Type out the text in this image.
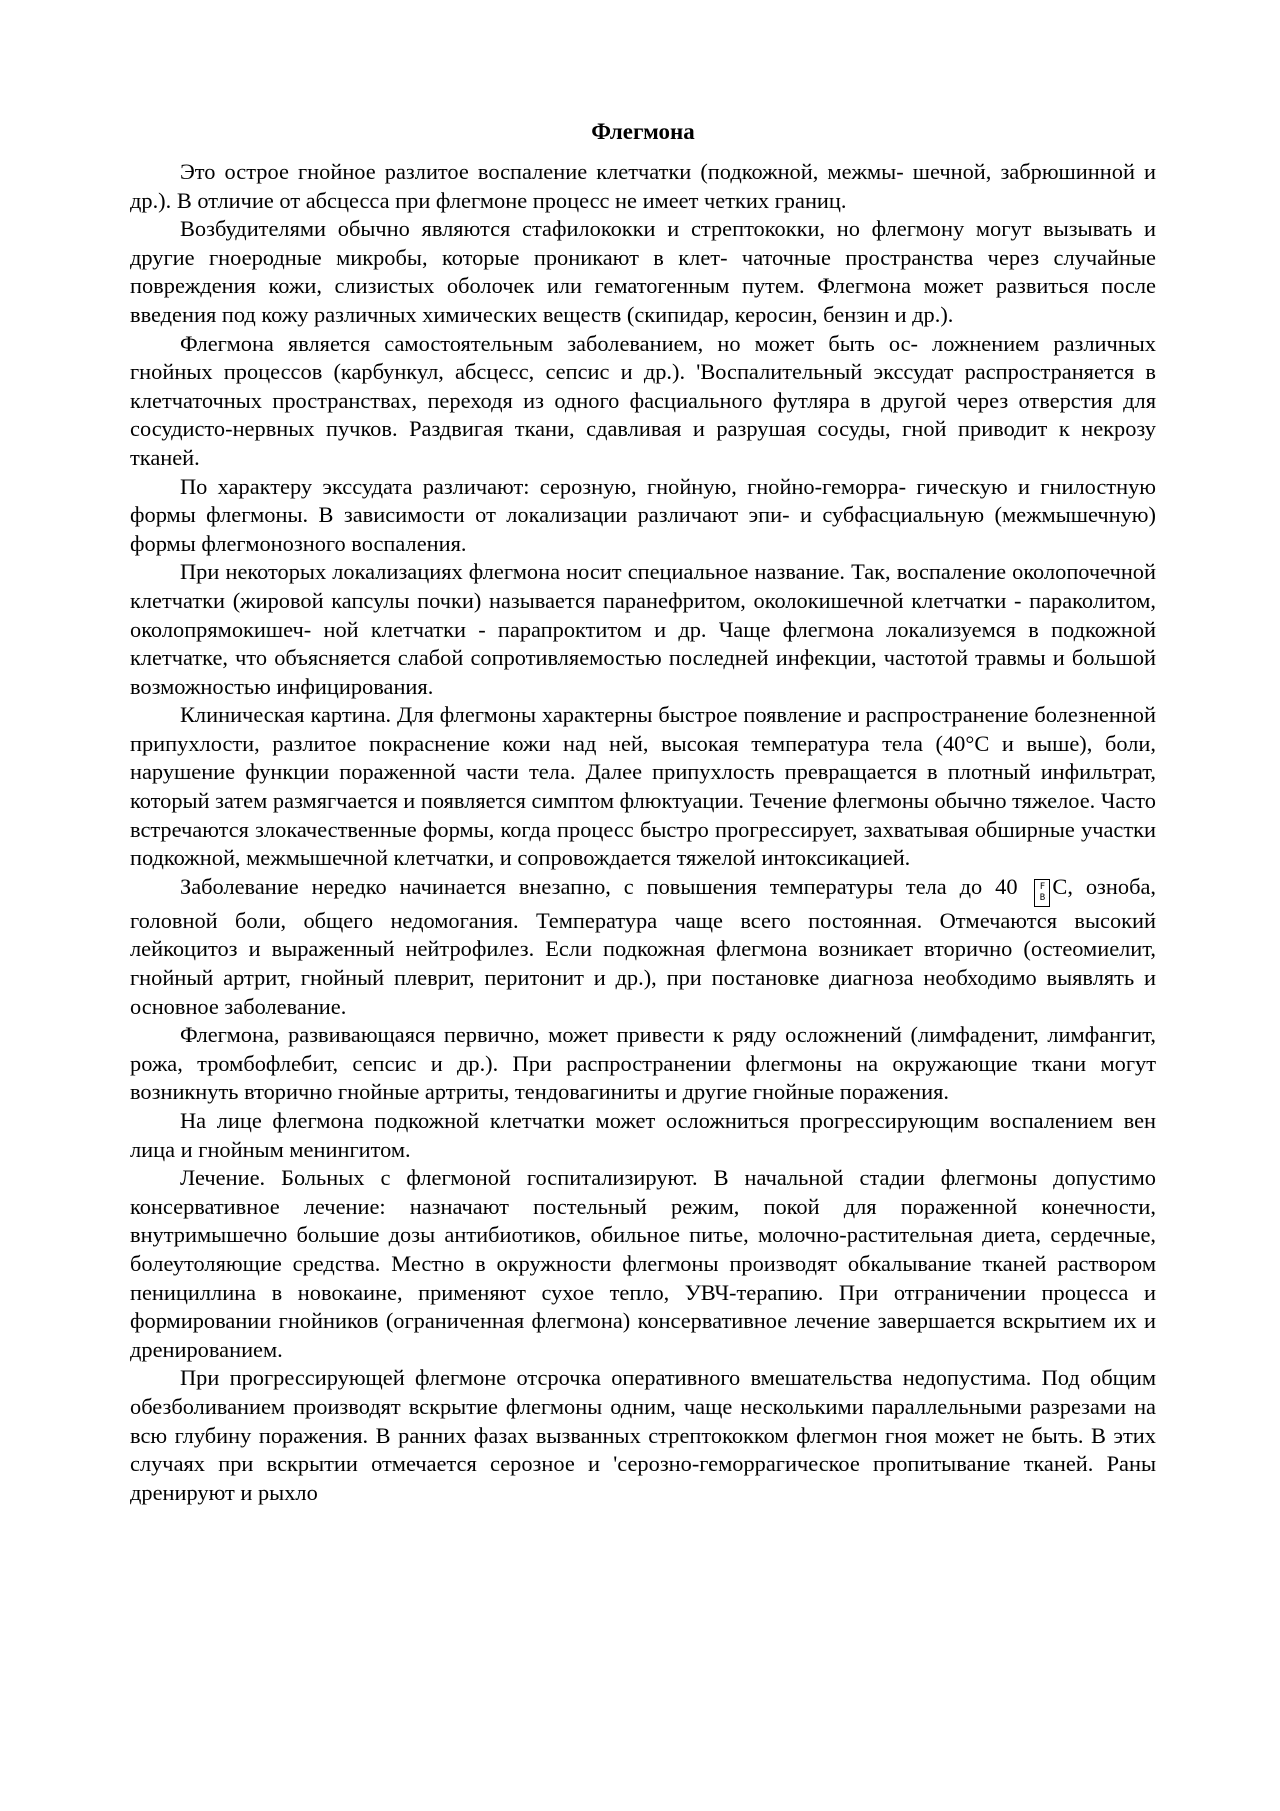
Флегмона

Это острое гнойное разлитое воспаление клетчатки (подкожной, межмы- шечной, забрюшинной и др.). В отличие от абсцесса при флегмоне процесс не имеет четких границ.

Возбудителями обычно являются стафилококки и стрептококки, но флегмону могут вызывать и другие гноеродные микробы, которые проникают в клет- чаточные пространства через случайные повреждения кожи, слизистых оболочек или гематогенным путем. Флегмона может развиться после введения под кожу различных химических веществ (скипидар, керосин, бензин и др.).

Флегмона является самостоятельным заболеванием, но может быть ос- ложнением различных гнойных процессов (карбункул, абсцесс, сепсис и др.). 'Воспалительный экссудат распространяется в клетчаточных пространствах, переходя из одного фасциального футляра в другой через отверстия для сосудисто-нервных пучков. Раздвигая ткани, сдавливая и разрушая сосуды, гной приводит к некрозу тканей.

По характеру экссудата различают: серозную, гнойную, гнойно-геморра- гическую и гнилостную формы флегмоны. В зависимости от локализации различают эпи- и субфасциальную (межмышечную) формы флегмонозного воспаления.

При некоторых локализациях флегмона носит специальное название. Так, воспаление околопочечной клетчатки (жировой капсулы почки) называется паранефритом, околокишечной клетчатки - параколитом, околопрямокишеч- ной клетчатки - парапроктитом и др. Чаще флегмона локализуемся в подкожной клетчатке, что объясняется слабой сопротивляемостью последней инфекции, частотой травмы и большой возможностью инфицирования.

Клиническая картина. Для флегмоны характерны быстрое появление и распространение болезненной припухлости, разлитое покраснение кожи над ней, высокая температура тела (40°C и выше), боли, нарушение функции пораженной части тела. Далее припухлость превращается в плотный инфильтрат, который затем размягчается и появляется симптом флюктуации. Течение флегмоны обычно тяжелое. Часто встречаются злокачественные формы, когда процесс быстро прогрессирует, захватывая обширные участки подкожной, межмышечной клетчатки, и сопровождается тяжелой интоксикацией.

Заболевание нередко начинается внезапно, с повышения температуры тела до 40 F
B C, озноба, головной боли, общего недомогания. Температура чаще всего постоянная. Отмечаются высокий лейкоцитоз и выраженный нейтрофилез. Если подкожная флегмона возникает вторично (остеомиелит, гнойный артрит, гнойный плеврит, перитонит и др.), при постановке диагноза необходимо выявлять и основное заболевание.

Флегмона, развивающаяся первично, может привести к ряду осложнений (лимфаденит, лимфангит, рожа, тромбофлебит, сепсис и др.). При распространении флегмоны на окружающие ткани могут возникнуть вторично гнойные артриты, тендовагиниты и другие гнойные поражения.

На лице флегмона подкожной клетчатки может осложниться прогрессирующим воспалением вен лица и гнойным менингитом.

Лечение. Больных с флегмоной госпитализируют. В начальной стадии флегмоны допустимо консервативное лечение: назначают постельный режим, покой для пораженной конечности, внутримышечно большие дозы антибиотиков, обильное питье, молочно-растительная диета, сердечные, болеутоляющие средства. Местно в окружности флегмоны производят обкалывание тканей раствором пенициллина в новокаине, применяют сухое тепло, УВЧ-терапию. При отграничении процесса и формировании гнойников (ограниченная флегмона) консервативное лечение завершается вскрытием их и дренированием.

При прогрессирующей флегмоне отсрочка оперативного вмешательства недопустима. Под общим обезболиванием производят вскрытие флегмоны одним, чаще несколькими параллельными разрезами на всю глубину поражения. В ранних фазах вызванных стрептококком флегмон гноя может не быть. В этих случаях при вскрытии отмечается серозное и 'серозно-геморрагическое пропитывание тканей. Раны дренируют и рыхло
